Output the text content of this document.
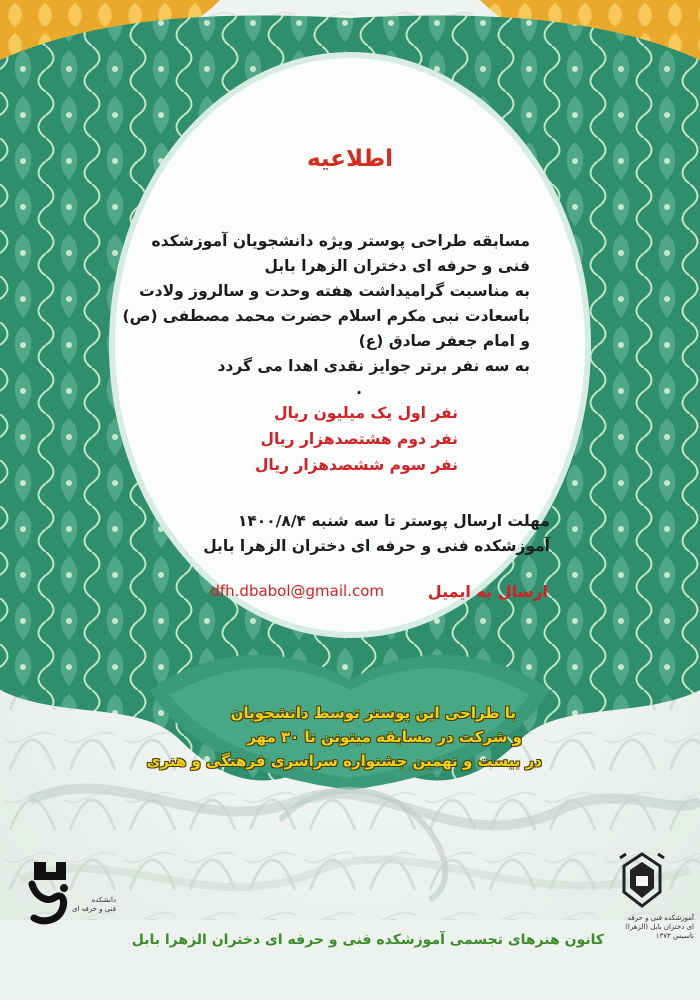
اطلاعیه
مسابقه طراحی پوستر ویژه دانشجویان آموزشکده
فنی و حرفه ای دختران الزهرا بابل
به مناسبت گرامیداشت هفته وحدت و سالروز ولادت
باسعادت نبی مکرم اسلام حضرت محمد مصطفی (ص)
و امام جعفر صادق (ع)
به سه نفر برتر جوایز نقدی اهدا می گردد
.
نفر اول یک میلیون ریال
نفر دوم هشتصدهزار ریال
نفر سوم ششصدهزار ریال
مهلت ارسال پوستر تا سه شنبه ۱۴۰۰/۸/۴
آموزشکده فنی و حرفه ای دختران الزهرا بابل
ارسال به ایمیل
dfh.dbabol@gmail.com
با طراحی این پوستر توسط دانشجویان
و شرکت در مسابقه میتونن تا ۳۰ مهر
در بیست و نهمین جشنواره سراسری فرهنگی و هنری
کانون هنرهای تجسمی آموزشکده فنی و حرفه ای دختران الزهرا بابل
دانشکده
فنی و حرفه ای
آموزشکده فنی و حرفه ای دختران بابل (الزهرا) تاسیس ۱۳۷۳
